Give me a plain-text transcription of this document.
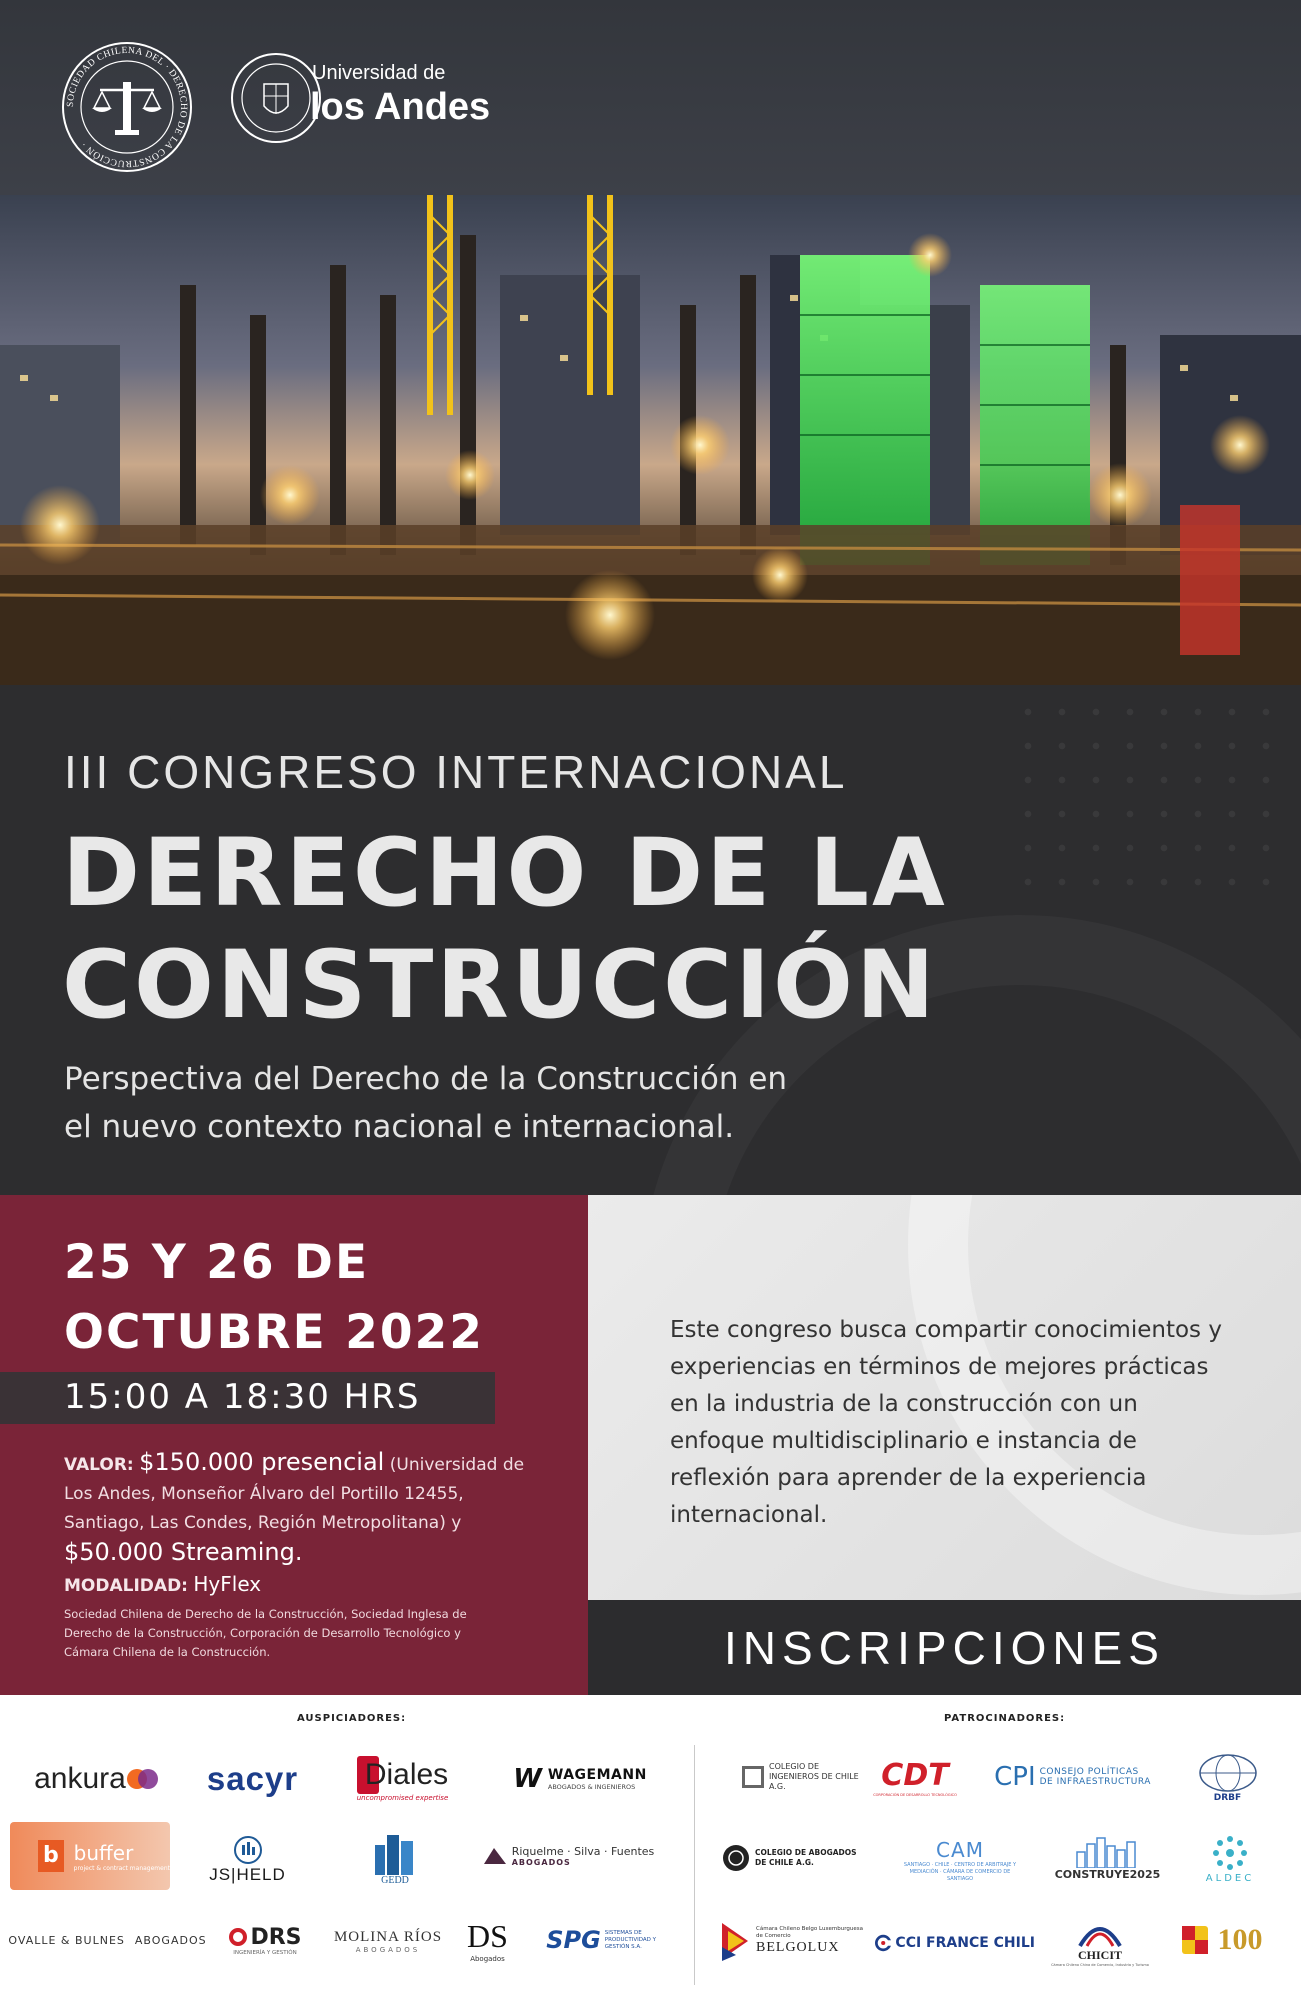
SOCIEDAD CHILENA DEL · DERECHO DE LA CONSTRUCCIÓN ·
Universidad de
los Andes
III CONGRESO INTERNACIONAL
DERECHO DE LA
CONSTRUCCIÓN
Perspectiva del Derecho de la Construcción en
el nuevo contexto nacional e internacional.
25 Y 26 DE
OCTUBRE 2022
15:00 A 18:30 HRS
VALOR: $150.000 presencial (Universidad de Los Andes, Monseñor Álvaro del Portillo 12455, Santiago, Las Condes, Región Metropolitana) y $50.000 Streaming.
MODALIDAD: HyFlex
Sociedad Chilena de Derecho de la Construcción, Sociedad Inglesa de Derecho de la Construcción, Corporación de Desarrollo Tecnológico y Cámara Chilena de la Construcción.
Este congreso busca compartir conocimientos y experiencias en términos de mejores prácticas en la industria de la construcción con un enfoque multidisciplinario e instancia de reflexión para aprender de la experiencia internacional.
INSCRIPCIONES
AUSPICIADORES:	PATROCINADORES:
ankura sacyr Diales
uncompromised expertise
W WAGEMANN
ABOGADOS & INGENIEROS
b buffer
project & contract management JS|HELD	GEDD
Riquelme · Silva · Fuentes
ABOGADOS
OVALLE & BULNES ABOGADOS DRS
INGENIERÍA Y GESTIÓN
MOLINA RÍOS
ABOGADOS DS
Abogados
SPG SISTEMAS DE PRODUCTIVIDAD Y GESTIÓN S.A.
COLEGIO DE INGENIEROS DE CHILE A.G.	CDT
CORPORACIÓN DE DESARROLLO TECNOLÓGICO
CPI CONSEJO POLÍTICAS
DE INFRAESTRUCTURA
DRBF
COLEGIO DE ABOGADOS DE CHILE A.G.
CAM
SANTIAGO · CHILE · CENTRO DE ARBITRAJE Y MEDIACIÓN · CÁMARA DE COMERCIO DE SANTIAGO	CONSTRUYE2025	ALDEC
Cámara Chileno Belgo Luxemburguesa de Comercio
BELGOLUX	CCI FRANCE CHILI
CHICIT
Cámara Chileno China de Comercio, Industria y Turismo
100
